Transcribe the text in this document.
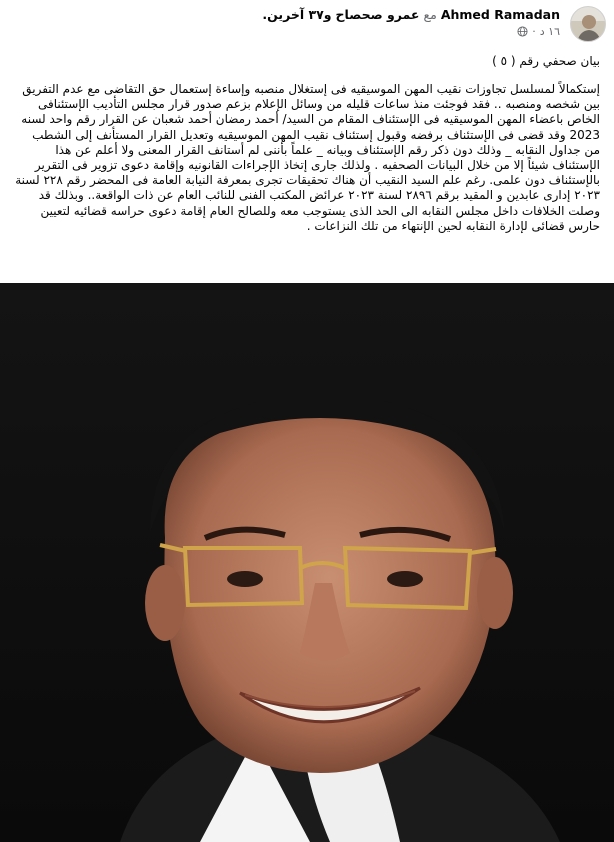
Ahmed Ramadan مع عمرو صحصاح و٣٧ آخرين.
١٦ د
·
بيان صحفي رقم ( ٥ )
إستكمالاً لمسلسل تجاوزات نقيب المهن الموسيقيه فى إستغلال منصبه وإساءة إستعمال حق التقاضى مع عدم التفريق بين شخصه ومنصبه .. فقد فوجئت منذ ساعات قليله من وسائل الإعلام بزعم صدور قرار مجلس التأديب الإستئنافى الخاص باعضاء المهن الموسيقيه فى الإستئناف المقام من السيد/ أحمد رمضان أحمد شعبان عن القرار رقم واحد لسنه 2023 وقد قضى فى الإستئناف برفضه وقبول إستئناف نقيب المهن الموسيقيه وتعديل القرار المستأنف إلى الشطب من جداول النقابه _ وذلك دون ذكر رقم الإستئناف وبيانه _ علماً بأننى لم أستانف القرار المعنى ولا أعلم عن هذا الإستئناف شيئاً إلا من خلال البيانات الصحفيه . ولذلك جارى إتخاذ الإجراءات القانونيه وإقامة دعوى تزوير فى التقرير بالإستئناف دون علمى. رغم علم السيد النقيب أن هناك تحقيقات تجرى بمعرفة النيابة العامة فى المحضر رقم ٢٢٨ لسنة ٢٠٢٣ إدارى عابدين و المقيد برقم ٢٨٩٦ لسنة ٢٠٢٣ عرائض المكتب الفنى للنائب العام عن ذات الواقعة.. وبذلك قد وصلت الخلافات داخل مجلس النقابه الى الحد الذى يستوجب معه وللصالح العام إقامة دعوى حراسه قضائيه لتعيين حارس قضائى لإدارة النقابه لحين الإنتهاء من تلك النزاعات .
